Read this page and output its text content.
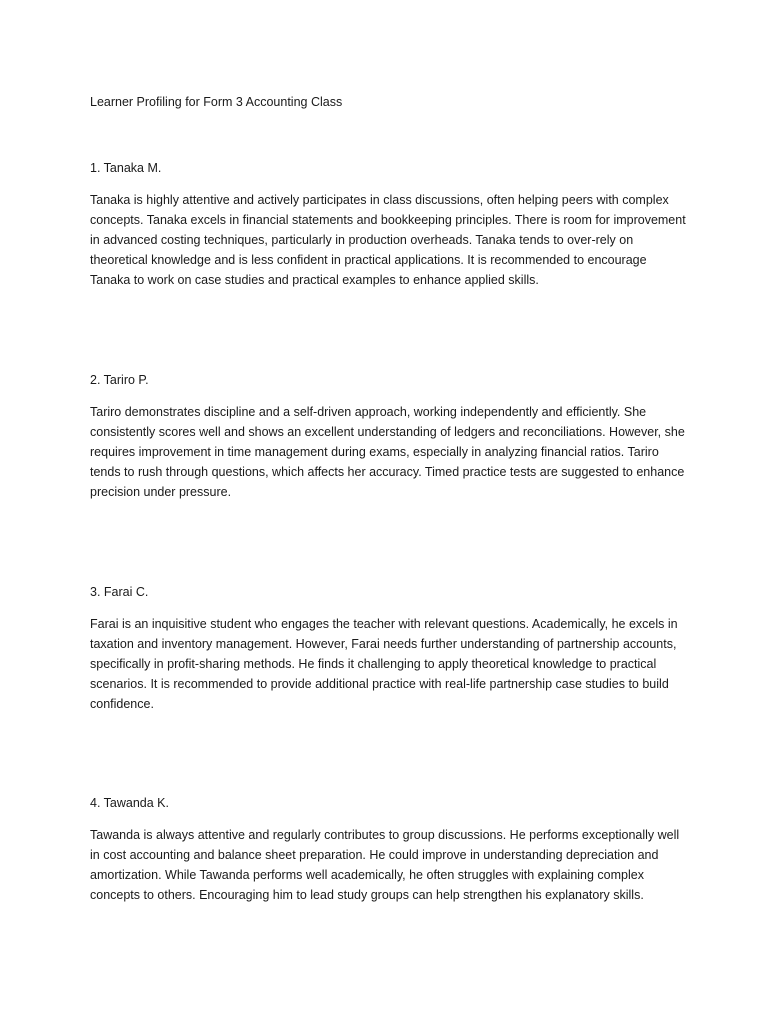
Learner Profiling for Form 3 Accounting Class
1. Tanaka M.

Tanaka is highly attentive and actively participates in class discussions, often helping peers with complex concepts. Tanaka excels in financial statements and bookkeeping principles. There is room for improvement in advanced costing techniques, particularly in production overheads. Tanaka tends to over-rely on theoretical knowledge and is less confident in practical applications. It is recommended to encourage Tanaka to work on case studies and practical examples to enhance applied skills.

2. Tariro P.

Tariro demonstrates discipline and a self-driven approach, working independently and efficiently. She consistently scores well and shows an excellent understanding of ledgers and reconciliations. However, she requires improvement in time management during exams, especially in analyzing financial ratios. Tariro tends to rush through questions, which affects her accuracy. Timed practice tests are suggested to enhance precision under pressure.

3. Farai C.

Farai is an inquisitive student who engages the teacher with relevant questions. Academically, he excels in taxation and inventory management. However, Farai needs further understanding of partnership accounts, specifically in profit-sharing methods. He finds it challenging to apply theoretical knowledge to practical scenarios. It is recommended to provide additional practice with real-life partnership case studies to build confidence.

4. Tawanda K.

Tawanda is always attentive and regularly contributes to group discussions. He performs exceptionally well in cost accounting and balance sheet preparation. He could improve in understanding depreciation and amortization. While Tawanda performs well academically, he often struggles with explaining complex concepts to others. Encouraging him to lead study groups can help strengthen his explanatory skills.
